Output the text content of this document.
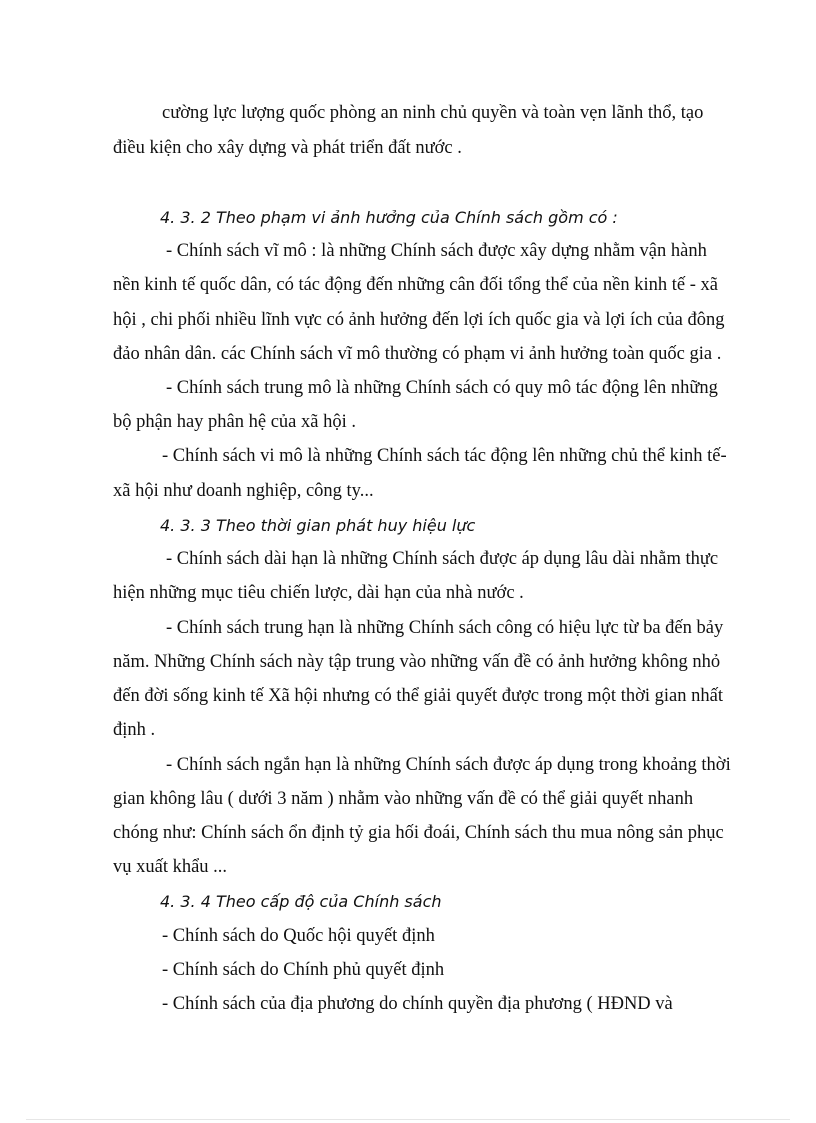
cường lực lượng quốc phòng an ninh chủ quyền và toàn vẹn lãnh thổ, tạo
điều kiện cho xây dựng và phát triển đất nước .
4. 3. 2 Theo phạm vi ảnh hưởng của Chính sách gồm có :
- Chính sách vĩ mô : là những Chính sách được xây dựng nhằm vận hành
nền kinh tế quốc dân, có tác động đến những cân đối tổng thể của nền kinh tế - xã
hội , chi phối nhiều lĩnh vực có ảnh hưởng đến lợi ích quốc gia và lợi ích của đông
đảo nhân dân. các Chính sách vĩ mô thường có phạm vi ảnh hưởng toàn quốc gia .
- Chính sách trung mô là những Chính sách có quy mô tác động lên những
bộ phận hay phân hệ của xã hội .
- Chính sách vi mô là những Chính sách tác động lên những chủ thể kinh tế-
xã hội như doanh nghiệp, công ty...
4. 3. 3 Theo thời gian phát huy hiệu lực
- Chính sách dài hạn là những Chính sách được áp dụng lâu dài nhằm thực
hiện những mục tiêu chiến lược, dài hạn của nhà nước .
- Chính sách trung hạn là những Chính sách công có hiệu lực từ ba đến bảy
năm. Những Chính sách này tập trung vào những vấn đề có ảnh hưởng không nhỏ
đến đời sống kinh tế Xã hội nhưng có thể giải quyết được trong một thời gian nhất
định .
- Chính sách ngắn hạn là những Chính sách được áp dụng trong khoảng thời
gian không lâu ( dưới 3 năm ) nhằm vào những vấn đề có thể giải quyết nhanh
chóng như: Chính sách ổn định tỷ gia hối đoái, Chính sách thu mua nông sản phục
vụ xuất khẩu ...
4. 3. 4 Theo cấp độ của Chính sách
- Chính sách do Quốc hội quyết định
- Chính sách do Chính phủ quyết định
- Chính sách của địa phương do chính quyền địa phương ( HĐND và
